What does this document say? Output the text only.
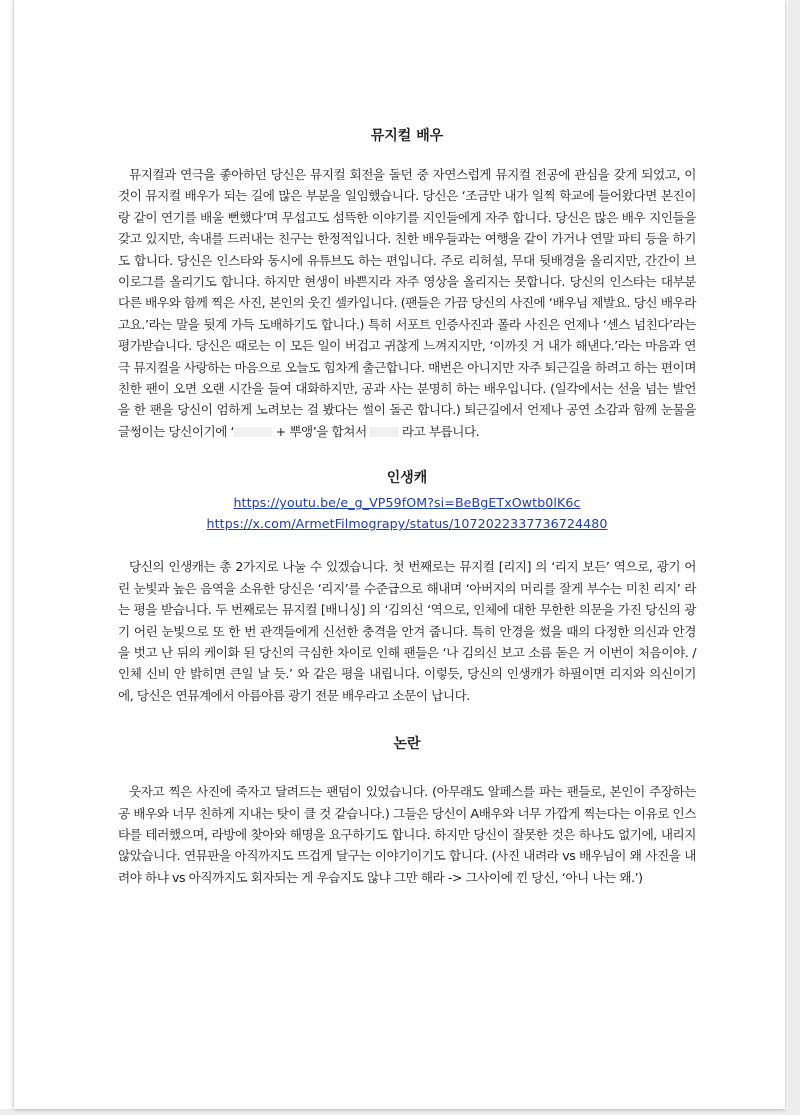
뮤지컬 배우

뮤지컬과 연극을 좋아하던 당신은 뮤지컬 회전을 돌던 중 자연스럽게 뮤지컬 전공에 관심을 갖게 되었고, 이것이 뮤지컬 배우가 되는 길에 많은 부분을 일임했습니다. 당신은 ‘조금만 내가 일찍 학교에 들어왔다면 본진이랑 같이 연기를 배울 뻔했다’며 무섭고도 섬뜩한 이야기를 지인들에게 자주 합니다. 당신은 많은 배우 지인들을 갖고 있지만, 속내를 드러내는 친구는 한정적입니다. 친한 배우들과는 여행을 같이 가거나 연말 파티 등을 하기도 합니다. 당신은 인스타와 동시에 유튜브도 하는 편입니다. 주로 리허설, 무대 뒷배경을 올리지만, 간간이 브이로그를 올리기도 합니다. 하지만 현생이 바쁜지라 자주 영상을 올리지는 못합니다. 당신의 인스타는 대부분 다른 배우와 함께 찍은 사진, 본인의 웃긴 셀카입니다. (팬들은 가끔 당신의 사진에 ‘배우님 제발요. 당신 배우라고요.’라는 말을 뒷계 가득 도배하기도 합니다.) 특히 서포트 인증사진과 폴라 사진은 언제나 ‘센스 넘친다’라는 평가받습니다. 당신은 때로는 이 모든 일이 버겁고 귀찮게 느껴지지만, ‘이까짓 거 내가 해낸다.’라는 마음과 연극 뮤지컬을 사랑하는 마음으로 오늘도 힘차게 출근합니다. 매번은 아니지만 자주 퇴근길을 하려고 하는 편이며 친한 팬이 오면 오랜 시간을 들여 대화하지만, 공과 사는 분명히 하는 배우입니다. (일각에서는 선을 넘는 발언을 한 팬을 당신이 엄하게 노려보는 걸 봤다는 썰이 돌곤 합니다.) 퇴근길에서 언제나 공연 소감과 함께 눈물을 글썽이는 당신이기에 ‘	+ 뿌앵’을 합쳐서  라고 부릅니다.

인생캐
https://youtu.be/e_g_VP59fOM?si=BeBgETxOwtb0lK6c
https://x.com/ArmetFilmograpy/status/1072022337736724480

당신의 인생캐는 총 2가지로 나눌 수 있겠습니다. 첫 번째로는 뮤지컬 [리지] 의 ‘리지 보든’ 역으로, 광기 어린 눈빛과 높은 음역을 소유한 당신은 ‘리지’를 수준급으로 해내며 ‘아버지의 머리를 잘게 부수는 미친 리지’ 라는 평을 받습니다. 두 번째로는 뮤지컬 [배니싱] 의 ‘김의신 ‘역으로, 인체에 대한 무한한 의문을 가진 당신의 광기 어린 눈빛으로 또 한 번 관객들에게 신선한 충격을 안겨 줍니다. 특히 안경을 썼을 때의 다정한 의신과 안경을 벗고 난 뒤의 케이화 된 당신의 극심한 차이로 인해 팬들은 ‘나 김의신 보고 소름 돋은 거 이번이 처음이야. / 인체 신비 안 밝히면 큰일 날 듯.’ 와 같은 평을 내립니다. 이렇듯, 당신의 인생캐가 하필이면 리지와 의신이기에, 당신은 연뮤계에서 아름아름 광기 전문 배우라고 소문이 납니다.

논란

웃자고 찍은 사진에 죽자고 달려드는 팬덤이 있었습니다. (아무래도 알페스를 파는 팬들로, 본인이 주장하는 공 배우와 너무 친하게 지내는 탓이 클 것 같습니다.) 그들은 당신이 A배우와 너무 가깝게 찍는다는 이유로 인스타를 테러했으며, 라방에 찾아와 해명을 요구하기도 합니다. 하지만 당신이 잘못한 것은 하나도 없기에, 내리지 않았습니다. 연뮤판을 아직까지도 뜨겁게 달구는 이야기이기도 합니다. (사진 내려라 vs 배우님이 왜 사진을 내려야 하냐 vs 아직까지도 회자되는 게 우습지도 않냐 그만 해라 -> 그사이에 낀 당신, ‘아니 나는 왜.’)
